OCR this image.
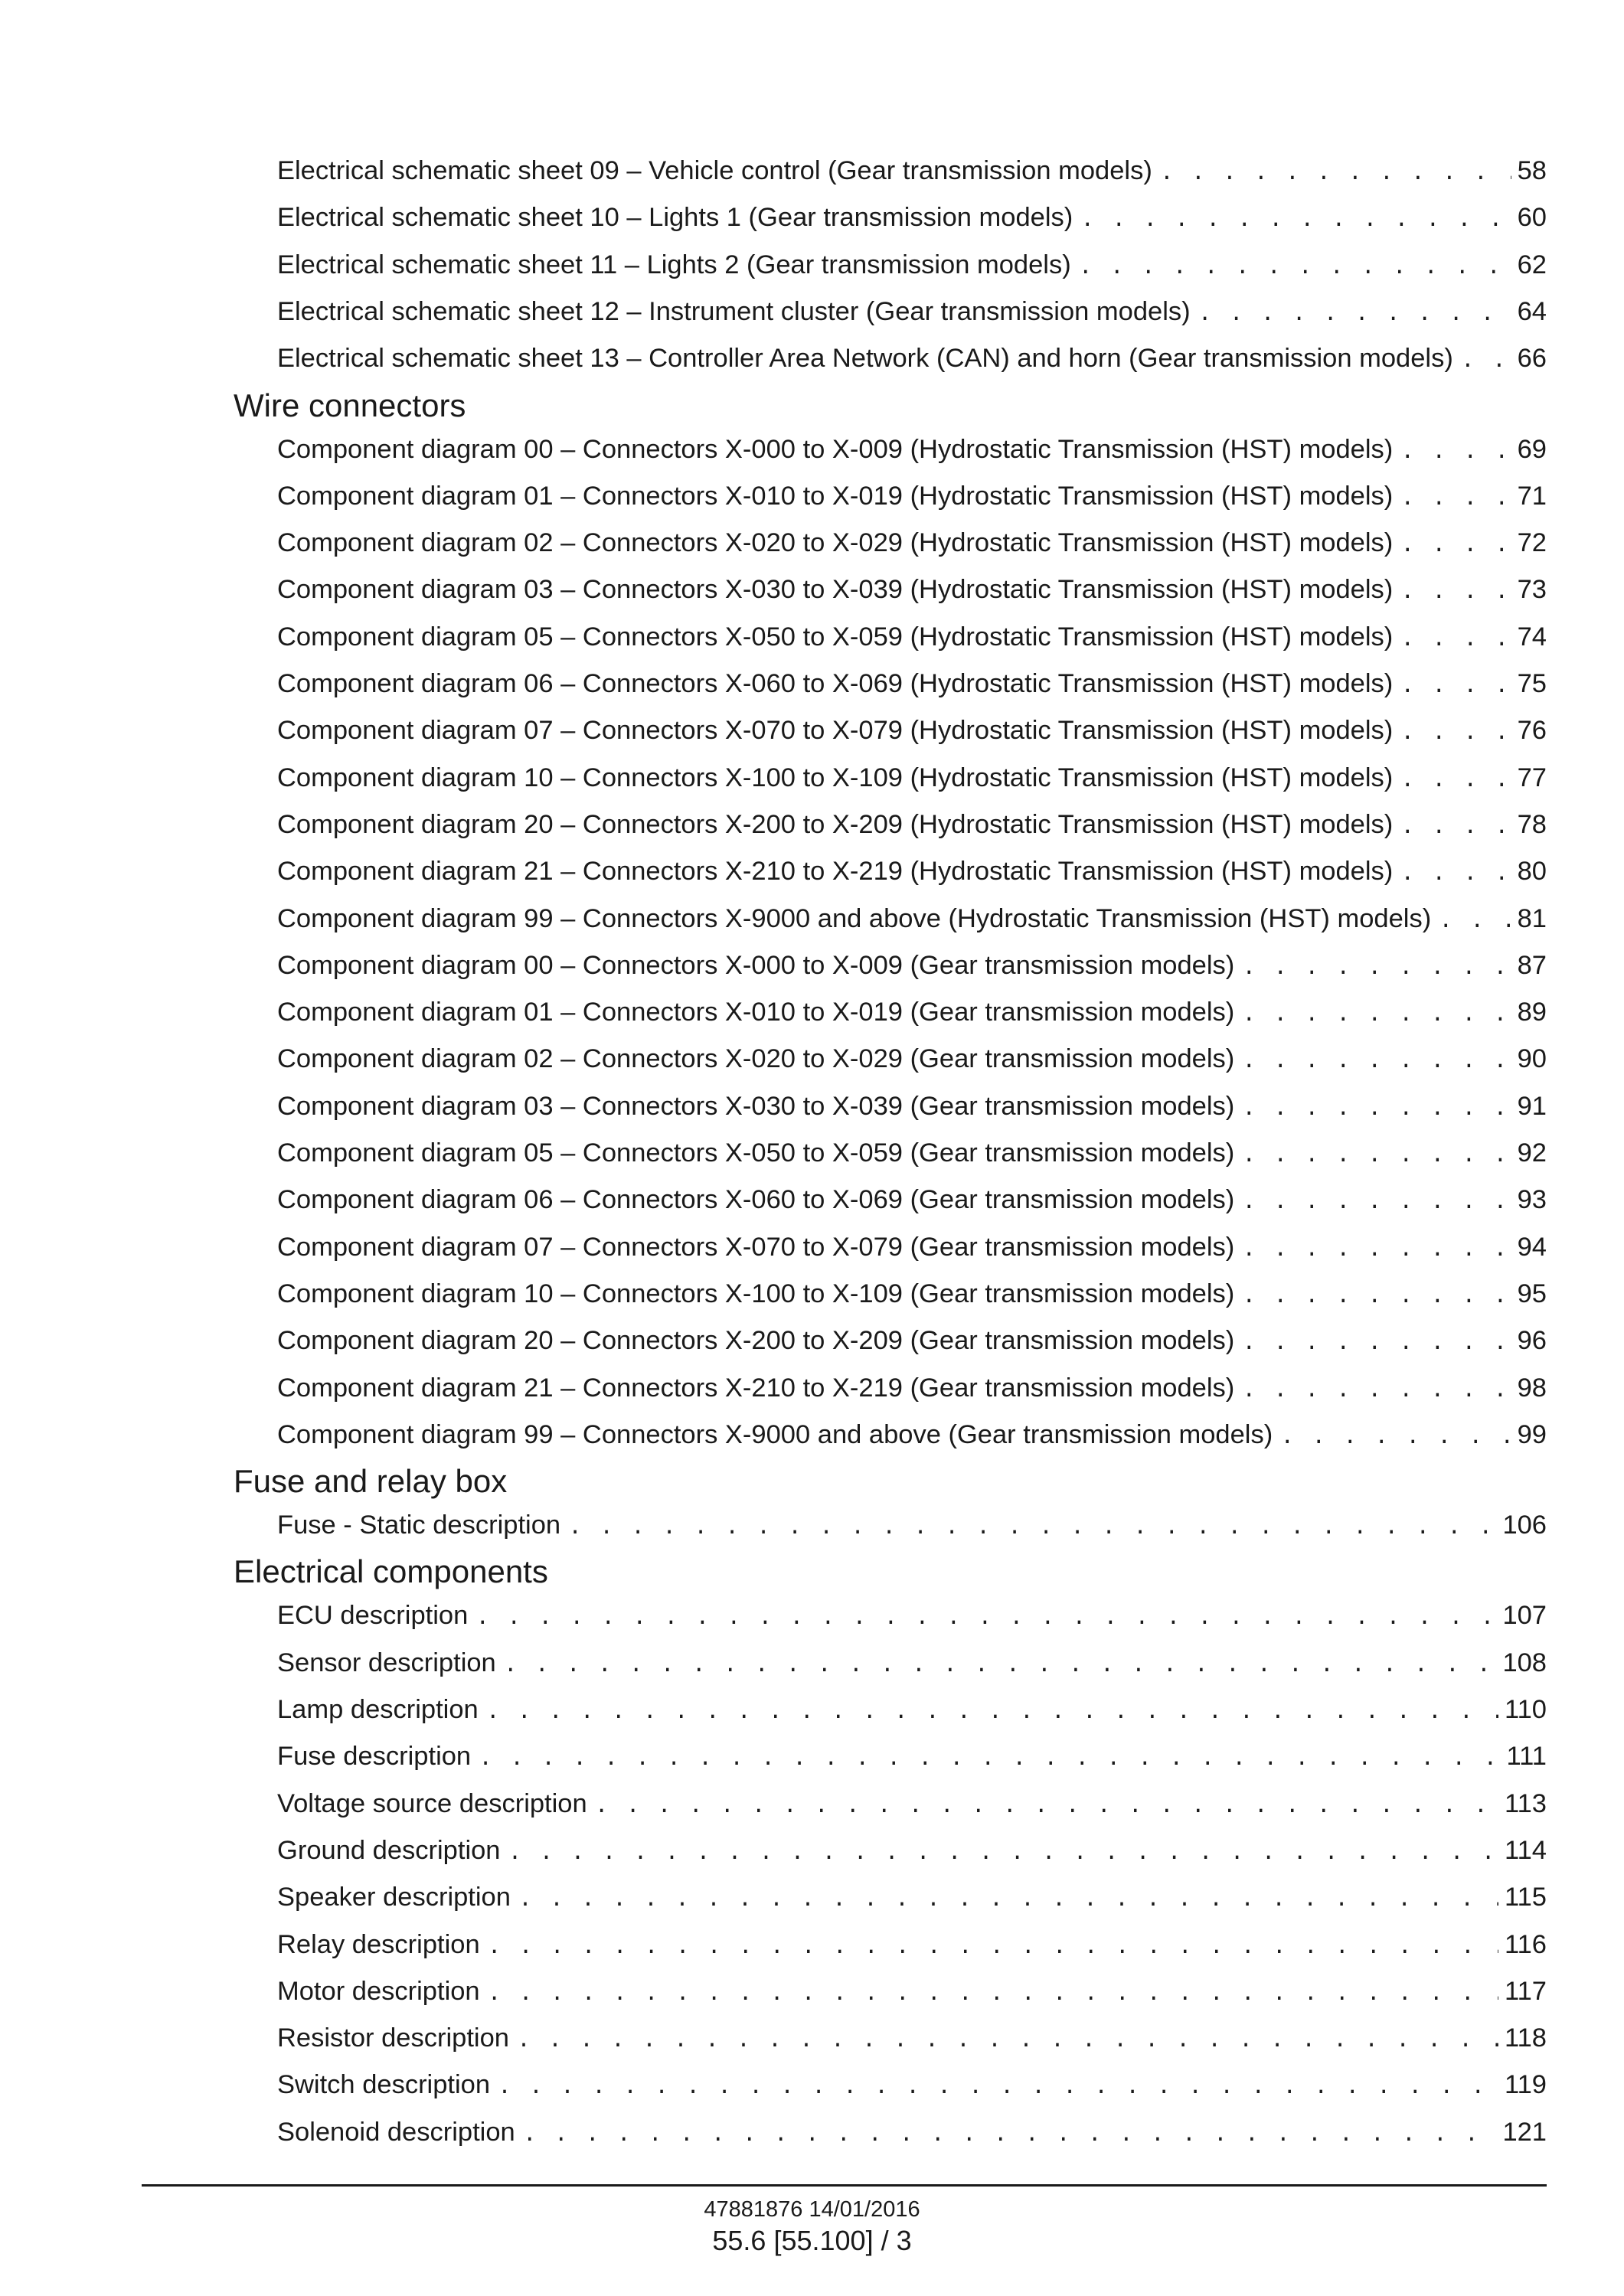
Electrical schematic sheet 09 – Vehicle control (Gear transmission models) . . .	58
Electrical schematic sheet 10 – Lights 1 (Gear transmission models) . . .	60
Electrical schematic sheet 11 – Lights 2 (Gear transmission models) . . .	62
Electrical schematic sheet 12 – Instrument cluster (Gear transmission models) . . .	64
Electrical schematic sheet 13 – Controller Area Network (CAN) and horn (Gear transmission models) . . . 66
Wire connectors
Component diagram 00 – Connectors X-000 to X-009 (Hydrostatic Transmission (HST) models) . . .	69
Component diagram 01 – Connectors X-010 to X-019 (Hydrostatic Transmission (HST) models) . . .	71
Component diagram 02 – Connectors X-020 to X-029 (Hydrostatic Transmission (HST) models) . . .	72
Component diagram 03 – Connectors X-030 to X-039 (Hydrostatic Transmission (HST) models) . . .	73
Component diagram 05 – Connectors X-050 to X-059 (Hydrostatic Transmission (HST) models) . . .	74
Component diagram 06 – Connectors X-060 to X-069 (Hydrostatic Transmission (HST) models) . . .	75
Component diagram 07 – Connectors X-070 to X-079 (Hydrostatic Transmission (HST) models) . . .	76
Component diagram 10 – Connectors X-100 to X-109 (Hydrostatic Transmission (HST) models) . . .	77
Component diagram 20 – Connectors X-200 to X-209 (Hydrostatic Transmission (HST) models) . . .	78
Component diagram 21 – Connectors X-210 to X-219 (Hydrostatic Transmission (HST) models) . . .	80
Component diagram 99 – Connectors X-9000 and above (Hydrostatic Transmission (HST) models) . . .	81
Component diagram 00 – Connectors X-000 to X-009 (Gear transmission models) . . .	87
Component diagram 01 – Connectors X-010 to X-019 (Gear transmission models) . . .	89
Component diagram 02 – Connectors X-020 to X-029 (Gear transmission models) . . .	90
Component diagram 03 – Connectors X-030 to X-039 (Gear transmission models) . . .	91
Component diagram 05 – Connectors X-050 to X-059 (Gear transmission models) . . .	92
Component diagram 06 – Connectors X-060 to X-069 (Gear transmission models) . . .	93
Component diagram 07 – Connectors X-070 to X-079 (Gear transmission models) . . .	94
Component diagram 10 – Connectors X-100 to X-109 (Gear transmission models) . . .	95
Component diagram 20 – Connectors X-200 to X-209 (Gear transmission models) . . .	96
Component diagram 21 – Connectors X-210 to X-219 (Gear transmission models) . . .	98
Component diagram 99 – Connectors X-9000 and above (Gear transmission models) . . .	99
Fuse and relay box
Fuse - Static description . . .	106
Electrical components
ECU description . . .	107
Sensor description . . .	108
Lamp description . . .	110
Fuse description . . .	111
Voltage source description . . .	113
Ground description . . .	114
Speaker description . . .	115
Relay description . . .	116
Motor description . . .	117
Resistor description . . .	118
Switch description . . .	119
Solenoid description . . .	121
47881876 14/01/2016
55.6 [55.100] / 3
